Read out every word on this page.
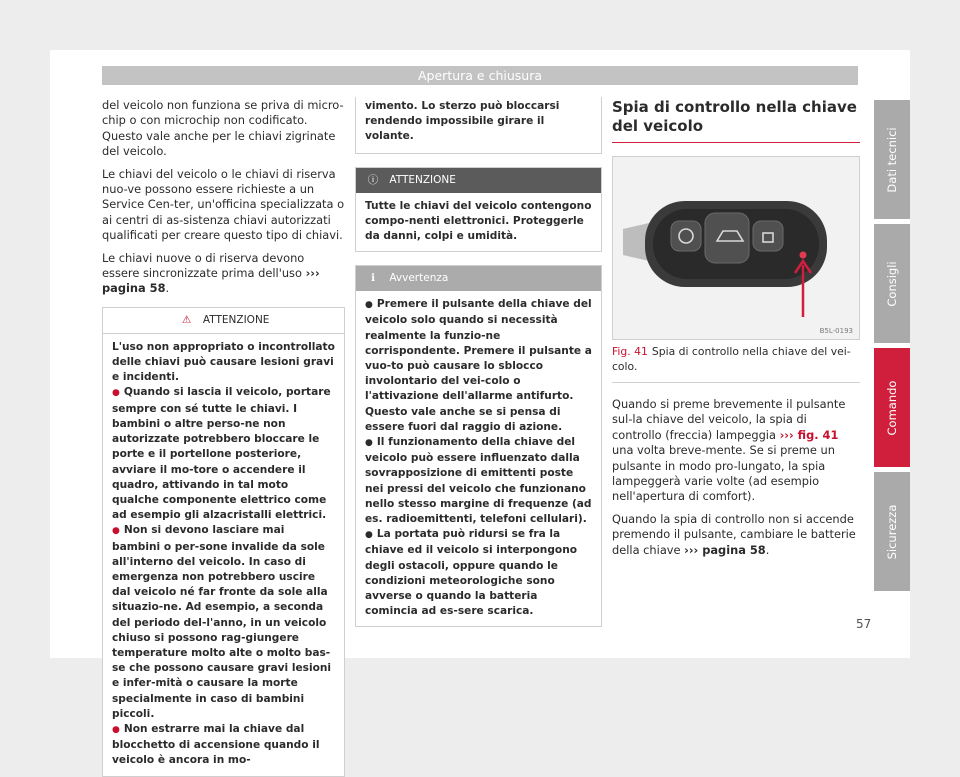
Apertura e chiusura

del veicolo non funziona se priva di micro-chip o con microchip non codificato. Questo vale anche per le chiavi zigrinate del veicolo.

Le chiavi del veicolo o le chiavi di riserva nuo-ve possono essere richieste a un Service Cen-ter, un'officina specializzata o ai centri di as-sistenza chiavi autorizzati qualificati per creare questo tipo di chiavi.

Le chiavi nuove o di riserva devono essere sincronizzate prima dell'uso ››› pagina 58.

⚠ ATTENZIONE

L'uso non appropriato o incontrollato delle chiavi può causare lesioni gravi e incidenti.

● Quando si lascia il veicolo, portare sempre con sé tutte le chiavi. I bambini o altre perso-ne non autorizzate potrebbero bloccare le porte e il portellone posteriore, avviare il mo-tore o accendere il quadro, attivando in tal moto qualche componente elettrico come ad esempio gli alzacristalli elettrici.

● Non si devono lasciare mai bambini o per-sone invalide da sole all'interno del veicolo. In caso di emergenza non potrebbero uscire dal veicolo né far fronte da sole alla situazio-ne. Ad esempio, a seconda del periodo del-l'anno, in un veicolo chiuso si possono rag-giungere temperature molto alte o molto bas-se che possono causare gravi lesioni e infer-mità o causare la morte specialmente in caso di bambini piccoli.

● Non estrarre mai la chiave dal blocchetto di accensione quando il veicolo è ancora in mo-

vimento. Lo sterzo può bloccarsi rendendo impossibile girare il volante.
ⓘ ATTENZIONE

Tutte le chiavi del veicolo contengono compo-nenti elettronici. Proteggerle da danni, colpi e umidità.

ℹ Avvertenza

● Premere il pulsante della chiave del veicolo solo quando si necessità realmente la funzio-ne corrispondente. Premere il pulsante a vuo-to può causare lo sblocco involontario del vei-colo o l'attivazione dell'allarme antifurto. Questo vale anche se si pensa di essere fuori dal raggio di azione.

● Il funzionamento della chiave del veicolo può essere influenzato dalla sovrapposizione di emittenti poste nei pressi del veicolo che funzionano nello stesso margine di frequenze (ad es. radioemittenti, telefoni cellulari).

● La portata può ridursi se fra la chiave ed il veicolo si interpongono degli ostacoli, oppure quando le condizioni meteorologiche sono avverse o quando la batteria comincia ad es-sere scarica.

Spia di controllo nella chiave del veicolo
B5L-0193
Fig. 41 Spia di controllo nella chiave del vei-colo.

Quando si preme brevemente il pulsante sul-la chiave del veicolo, la spia di controllo (freccia) lampeggia ››› fig. 41 una volta breve-mente. Se si preme un pulsante in modo pro-lungato, la spia lampeggerà varie volte (ad esempio nell'apertura di comfort).

Quando la spia di controllo non si accende premendo il pulsante, cambiare le batterie della chiave ››› pagina 58.

Dati tecnici
Consigli
Comando
Sicurezza
57
